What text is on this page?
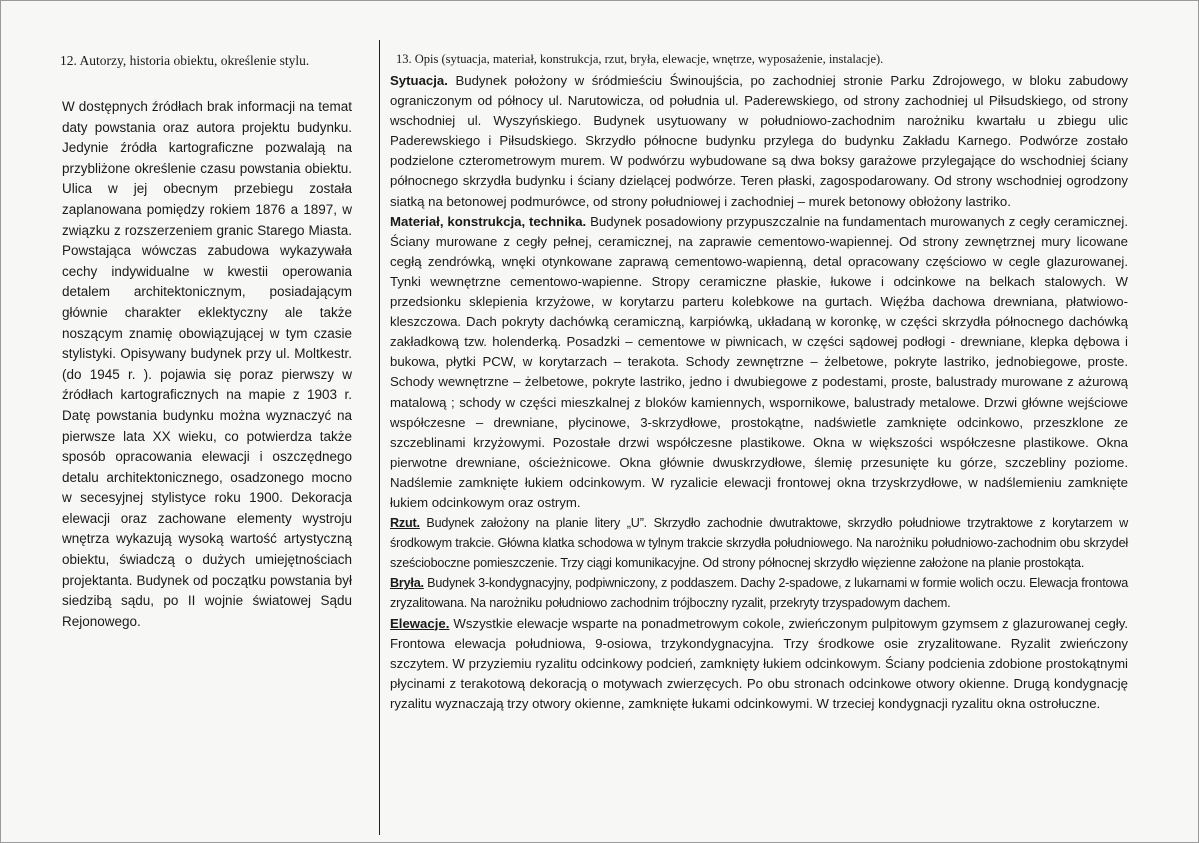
12. Autorzy, historia obiektu, określenie stylu.

W dostępnych źródłach brak informacji na temat daty powstania oraz autora projektu budynku. Jedynie źródła kartograficzne pozwalają na przybliżone określenie czasu powstania obiektu. Ulica w jej obecnym przebiegu została zaplanowana pomiędzy rokiem 1876 a 1897, w związku z rozszerzeniem granic Starego Miasta. Powstająca wówczas zabudowa wykazywała cechy indywidualne w kwestii operowania detalem architektonicznym, posiadającym głównie charakter eklektyczny ale także noszącym znamię obowiązującej w tym czasie stylistyki. Opisywany budynek przy ul. Moltkestr. (do 1945 r. ). pojawia się poraz pierwszy w źródłach kartograficznych na mapie z 1903 r. Datę powstania budynku można wyznaczyć na pierwsze lata XX wieku, co potwierdza także sposób opracowania elewacji i oszczędnego detalu architektonicznego, osadzonego mocno w secesyjnej stylistyce roku 1900. Dekoracja elewacji oraz zachowane elementy wystroju wnętrza wykazują wysoką wartość artystyczną obiektu, świadczą o dużych umiejętnościach projektanta. Budynek od początku powstania był siedzibą sądu, po II wojnie światowej Sądu Rejonowego.

13. Opis (sytuacja, materiał, konstrukcja, rzut, bryła, elewacje, wnętrze, wyposażenie, instalacje).

Sytuacja. Budynek położony w śródmieściu Świnoujścia, po zachodniej stronie Parku Zdrojowego, w bloku zabudowy ograniczonym od północy ul. Narutowicza, od południa ul. Paderewskiego, od strony zachodniej ul Piłsudskiego, od strony wschodniej ul. Wyszyńskiego. Budynek usytuowany w południowo-zachodnim narożniku kwartału u zbiegu ulic Paderewskiego i Piłsudskiego. Skrzydło północne budynku przylega do budynku Zakładu Karnego. Podwórze zostało podzielone czterometrowym murem. W podwórzu wybudowane są dwa boksy garażowe przylegające do wschodniej ściany północnego skrzydła budynku i ściany dzielącej podwórze. Teren płaski, zagospodarowany. Od strony wschodniej ogrodzony siatką na betonowej podmurówce, od strony południowej i zachodniej – murek betonowy obłożony lastriko.

Materiał, konstrukcja, technika. Budynek posadowiony przypuszczalnie na fundamentach murowanych z cegły ceramicznej. Ściany murowane z cegły pełnej, ceramicznej, na zaprawie cementowo-wapiennej. Od strony zewnętrznej mury licowane cegłą zendrówką, wnęki otynkowane zaprawą cementowo-wapienną, detal opracowany częściowo w cegle glazurowanej. Tynki wewnętrzne cementowo-wapienne. Stropy ceramiczne płaskie, łukowe i odcinkowe na belkach stalowych. W przedsionku sklepienia krzyżowe, w korytarzu parteru kolebkowe na gurtach. Więźba dachowa drewniana, płatwiowo-kleszczowa. Dach pokryty dachówką ceramiczną, karpiówką, układaną w koronkę, w części skrzydła północnego dachówką zakładkową tzw. holenderką. Posadzki – cementowe w piwnicach, w części sądowej podłogi - drewniane, klepka dębowa i bukowa, płytki PCW, w korytarzach – terakota. Schody zewnętrzne – żelbetowe, pokryte lastriko, jednobiegowe, proste. Schody wewnętrzne – żelbetowe, pokryte lastriko, jedno i dwubiegowe z podestami, proste, balustrady murowane z ażurową matalową ; schody w części mieszkalnej z bloków kamiennych, wspornikowe, balustrady metalowe. Drzwi główne wejściowe współczesne – drewniane, płycinowe, 3-skrzydłowe, prostokątne, nadświetle zamknięte odcinkowo, przeszklone ze szczeblinami krzyżowymi. Pozostałe drzwi współczesne plastikowe. Okna w większości współczesne plastikowe. Okna pierwotne drewniane, ościeżnicowe. Okna głównie dwuskrzydłowe, ślemię przesunięte ku górze, szczebliny poziome. Nadślemie zamknięte łukiem odcinkowym. W ryzalicie elewacji frontowej okna trzyskrzydłowe, w nadślemieniu zamknięte łukiem odcinkowym oraz ostrym.

Rzut. Budynek założony na planie litery „U”. Skrzydło zachodnie dwutraktowe, skrzydło południowe trzytraktowe z korytarzem w środkowym trakcie. Główna klatka schodowa w tylnym trakcie skrzydła południowego. Na narożniku południowo-zachodnim obu skrzydeł sześcioboczne pomieszczenie. Trzy ciągi komunikacyjne. Od strony północnej skrzydło więzienne założone na planie prostokąta.

Bryła. Budynek 3-kondygnacyjny, podpiwniczony, z poddaszem. Dachy 2-spadowe, z lukarnami w formie wolich oczu. Elewacja frontowa zryzalitowana. Na narożniku południowo zachodnim trójboczny ryzalit, przekryty trzyspadowym dachem.

Elewacje. Wszystkie elewacje wsparte na ponadmetrowym cokole, zwieńczonym pulpitowym gzymsem z glazurowanej cegły. Frontowa elewacja południowa, 9-osiowa, trzykondygnacyjna. Trzy środkowe osie zryzalitowane. Ryzalit zwieńczony szczytem. W przyziemiu ryzalitu odcinkowy podcień, zamknięty łukiem odcinkowym. Ściany podcienia zdobione prostokątnymi płycinami z terakotową dekoracją o motywach zwierzęcych. Po obu stronach odcinkowe otwory okienne. Drugą kondygnację ryzalitu wyznaczają trzy otwory okienne, zamknięte łukami odcinkowymi. W trzeciej kondygnacji ryzalitu okna ostrołuczne.
